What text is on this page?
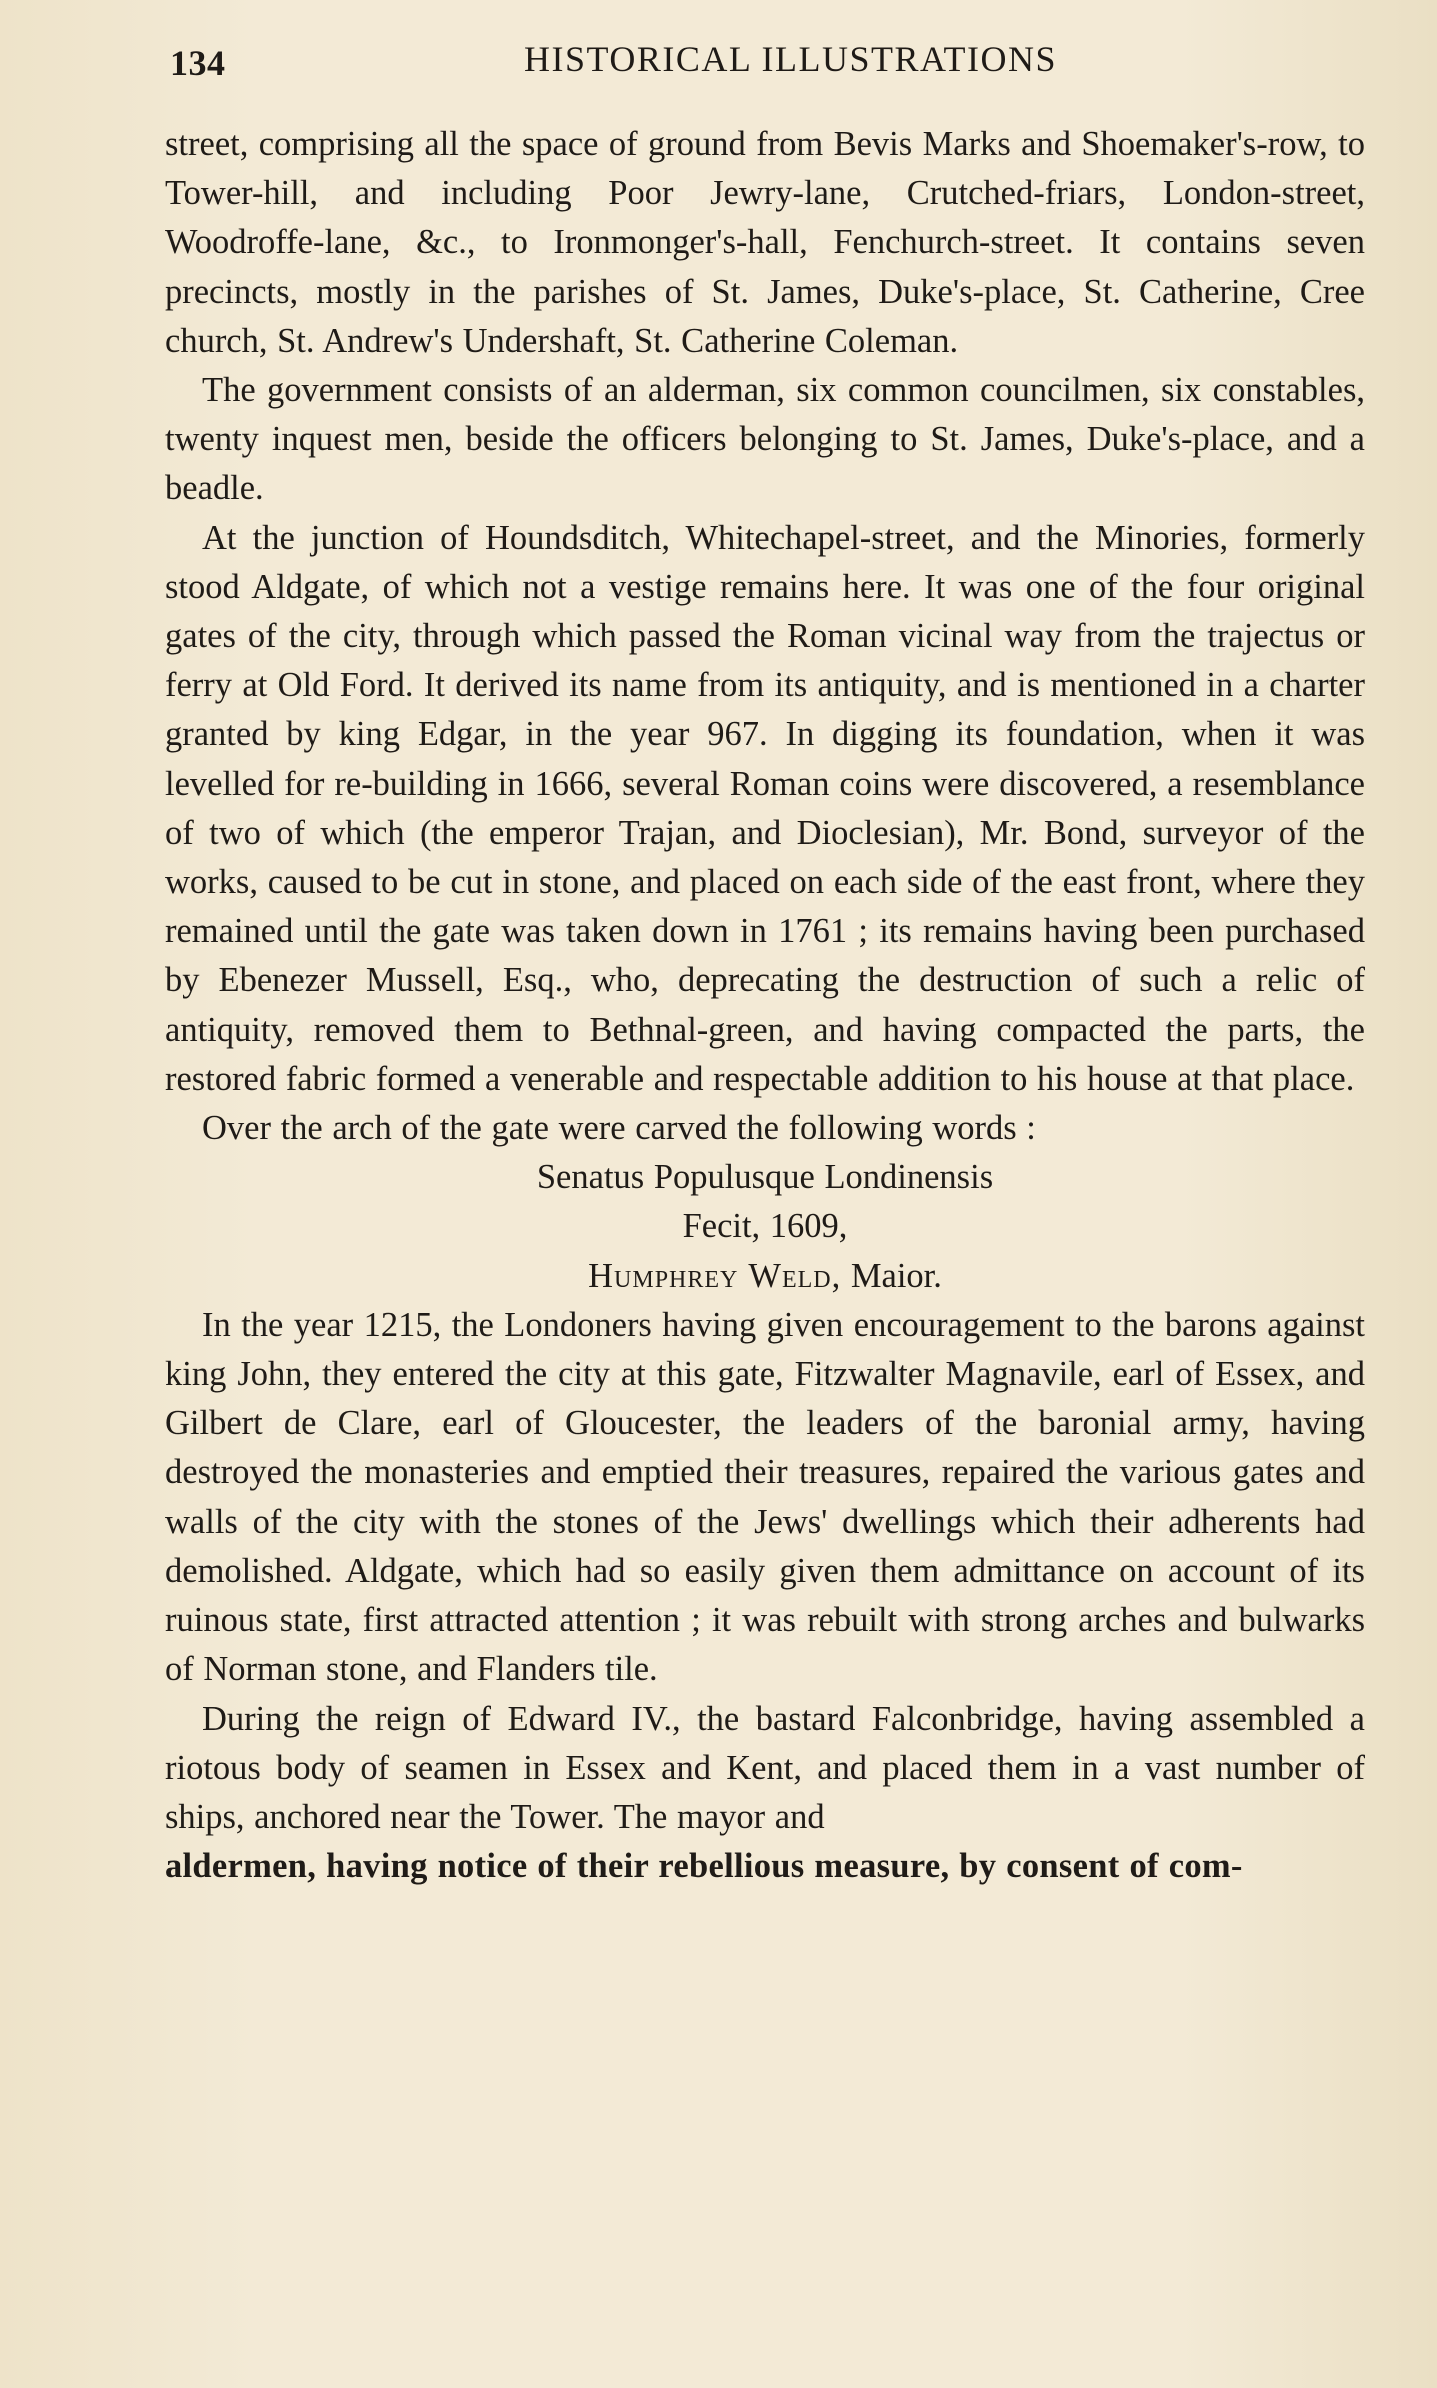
134	HISTORICAL ILLUSTRATIONS

street, comprising all the space of ground from Bevis Marks and Shoemaker's-row, to Tower-hill, and including Poor Jewry-lane, Crutched-friars, London-street, Woodroffe-lane, &c., to Ironmonger's-hall, Fenchurch-street. It contains seven precincts, mostly in the parishes of St. James, Duke's-place, St. Catherine, Cree church, St. Andrew's Undershaft, St. Catherine Coleman.

The government consists of an alderman, six common councilmen, six constables, twenty inquest men, beside the officers belonging to St. James, Duke's-place, and a beadle.

At the junction of Houndsditch, Whitechapel-street, and the Minories, formerly stood Aldgate, of which not a vestige remains here. It was one of the four original gates of the city, through which passed the Roman vicinal way from the trajectus or ferry at Old Ford. It derived its name from its antiquity, and is mentioned in a charter granted by king Edgar, in the year 967. In digging its foundation, when it was levelled for re-building in 1666, several Roman coins were discovered, a resemblance of two of which (the emperor Trajan, and Dioclesian), Mr. Bond, surveyor of the works, caused to be cut in stone, and placed on each side of the east front, where they remained until the gate was taken down in 1761 ; its remains having been purchased by Ebenezer Mussell, Esq., who, deprecating the destruction of such a relic of antiquity, removed them to Bethnal-green, and having compacted the parts, the restored fabric formed a venerable and respectable addition to his house at that place.

Over the arch of the gate were carved the following words :

Senatus Populusque Londinensis

Fecit, 1609,

Humphrey Weld, Maior.

In the year 1215, the Londoners having given encouragement to the barons against king John, they entered the city at this gate, Fitzwalter Magnavile, earl of Essex, and Gilbert de Clare, earl of Gloucester, the leaders of the baronial army, having destroyed the monasteries and emptied their treasures, repaired the various gates and walls of the city with the stones of the Jews' dwellings which their adherents had demolished. Aldgate, which had so easily given them admittance on account of its ruinous state, first attracted attention ; it was rebuilt with strong arches and bulwarks of Norman stone, and Flanders tile.

During the reign of Edward IV., the bastard Falconbridge, having assembled a riotous body of seamen in Essex and Kent, and placed them in a vast number of ships, anchored near the Tower. The mayor and

aldermen, having notice of their rebellious measure, by consent of com-
